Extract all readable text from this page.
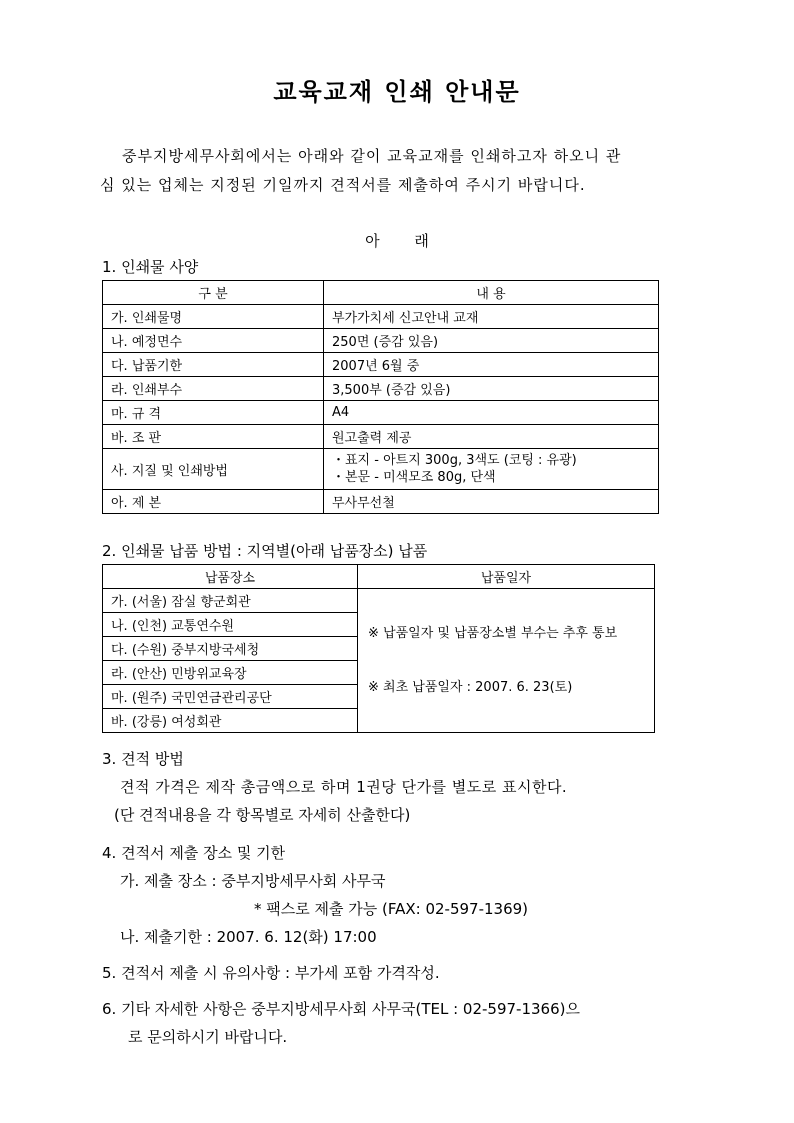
교육교재 인쇄 안내문
중부지방세무사회에서는 아래와 같이 교육교재를 인쇄하고자 하오니 관
심 있는 업체는 지정된 기일까지 견적서를 제출하여 주시기 바랍니다.
아 래
1. 인쇄물 사양
구 분	내 용
가. 인쇄물명	부가가치세 신고안내 교재
나. 예정면수	250면 (증감 있음)
다. 납품기한	2007년 6월 중
라. 인쇄부수	3,500부 (증감 있음)
마. 규 격	A4
바. 조 판	원고출력 제공
사. 지질 및 인쇄방법	・표지 - 아트지 300g, 3색도 (코팅 : 유광)
・본문 - 미색모조 80g, 단색

아. 제 본	무사무선철
2. 인쇄물 납품 방법 : 지역별(아래 납품장소) 납품
납품장소	납품일자
가. (서울) 잠실 향군회관	※ 납품일자 및 납품장소별 부수는 추후 통보
※ 최초 납품일자 : 2007. 6. 23(토)

나. (인천) 교통연수원	
다. (수원) 중부지방국세청	
라. (안산) 민방위교육장	
마. (원주) 국민연금관리공단	
바. (강릉) 여성회관	
3. 견적 방법
견적 가격은 제작 총금액으로 하며 1권당 단가를 별도로 표시한다.
(단 견적내용을 각 항목별로 자세히 산출한다)
4. 견적서 제출 장소 및 기한
가. 제출 장소 : 중부지방세무사회 사무국
* 팩스로 제출 가능 (FAX: 02-597-1369)
나. 제출기한 : 2007. 6. 12(화) 17:00
5. 견적서 제출 시 유의사항 : 부가세 포함 가격작성.
6. 기타 자세한 사항은 중부지방세무사회 사무국(TEL : 02-597-1366)으
로 문의하시기 바랍니다.
